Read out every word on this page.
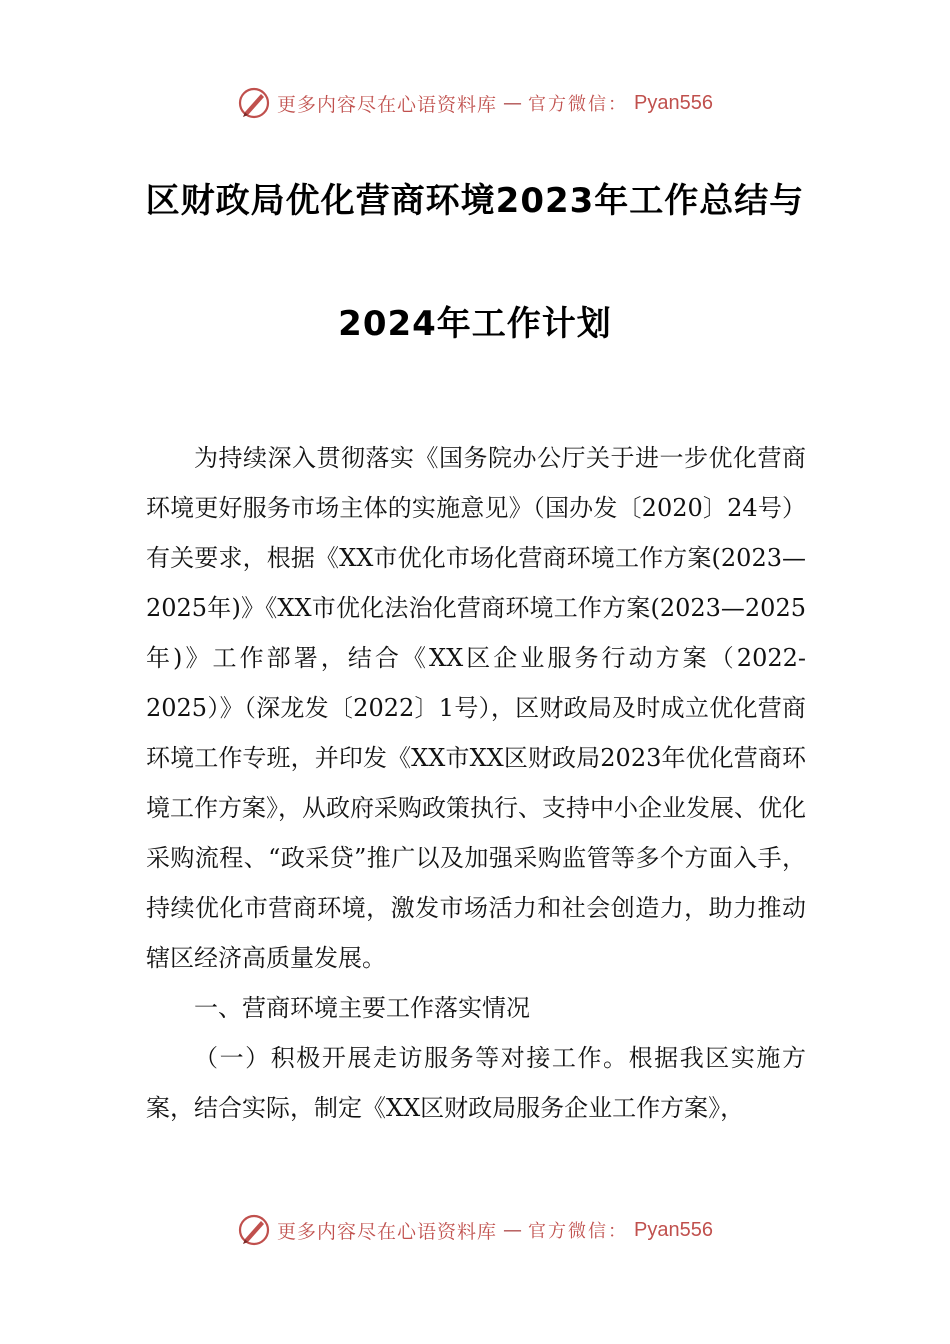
更多内容尽在心语资料库 — 官方微信： Pyan556
区财政局优化营商环境2023年工作总结与
2024年工作计划

为持续深入贯彻落实《国务院办公厅关于进一步优化营商环境更好服务市场主体的实施意见》（国办发〔2020〕24号）有关要求，根据《XX市优化市场化营商环境工作方案(2023—2025年)》《XX市优化法治化营商环境工作方案(2023—2025年)》工作部署，结合《XX区企业服务行动方案（2022-2025）》（深龙发〔2022〕1号），区财政局及时成立优化营商环境工作专班，并印发《XX市XX区财政局2023年优化营商环境工作方案》，从政府采购政策执行、支持中小企业发展、优化采购流程、“政采贷”推广以及加强采购监管等多个方面入手，持续优化市营商环境，激发市场活力和社会创造力，助力推动辖区经济高质量发展。

一、营商环境主要工作落实情况

（一）积极开展走访服务等对接工作。根据我区实施方案，结合实际，制定《XX区财政局服务企业工作方案》，

更多内容尽在心语资料库 — 官方微信： Pyan556
